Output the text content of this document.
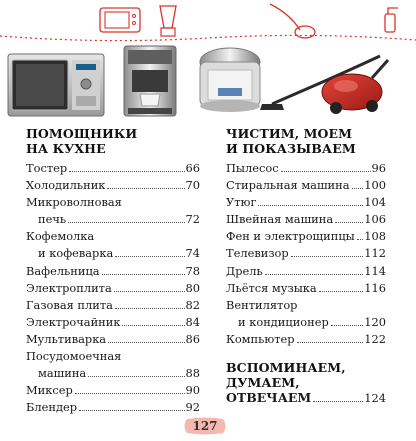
ПОМОЩНИКИ
НА КУХНЕ
Тостер	66
Холодильник	70
Микроволновая
печь	72
Кофемолка
и кофеварка	74
Вафельница	78
Электроплита	80
Газовая плита	82
Электрочайник	84
Мультиварка	86
Посудомоечная
машина	88
Миксер	90
Блендер	92
ЧИСТИМ, МОЕМ
И ПОКАЗЫВАЕМ
Пылесос	96
Стиральная машина 100
Утюг	104
Швейная машина	106
Фен и электрощипцы 108
Телевизор	112
Дрель	114
Льётся музыка	116
Вентилятор
и кондиционер	120
Компьютер	122
ВСПОМИНАЕМ,
ДУМАЕМ,
ОТВЕЧАЕМ	124
127
